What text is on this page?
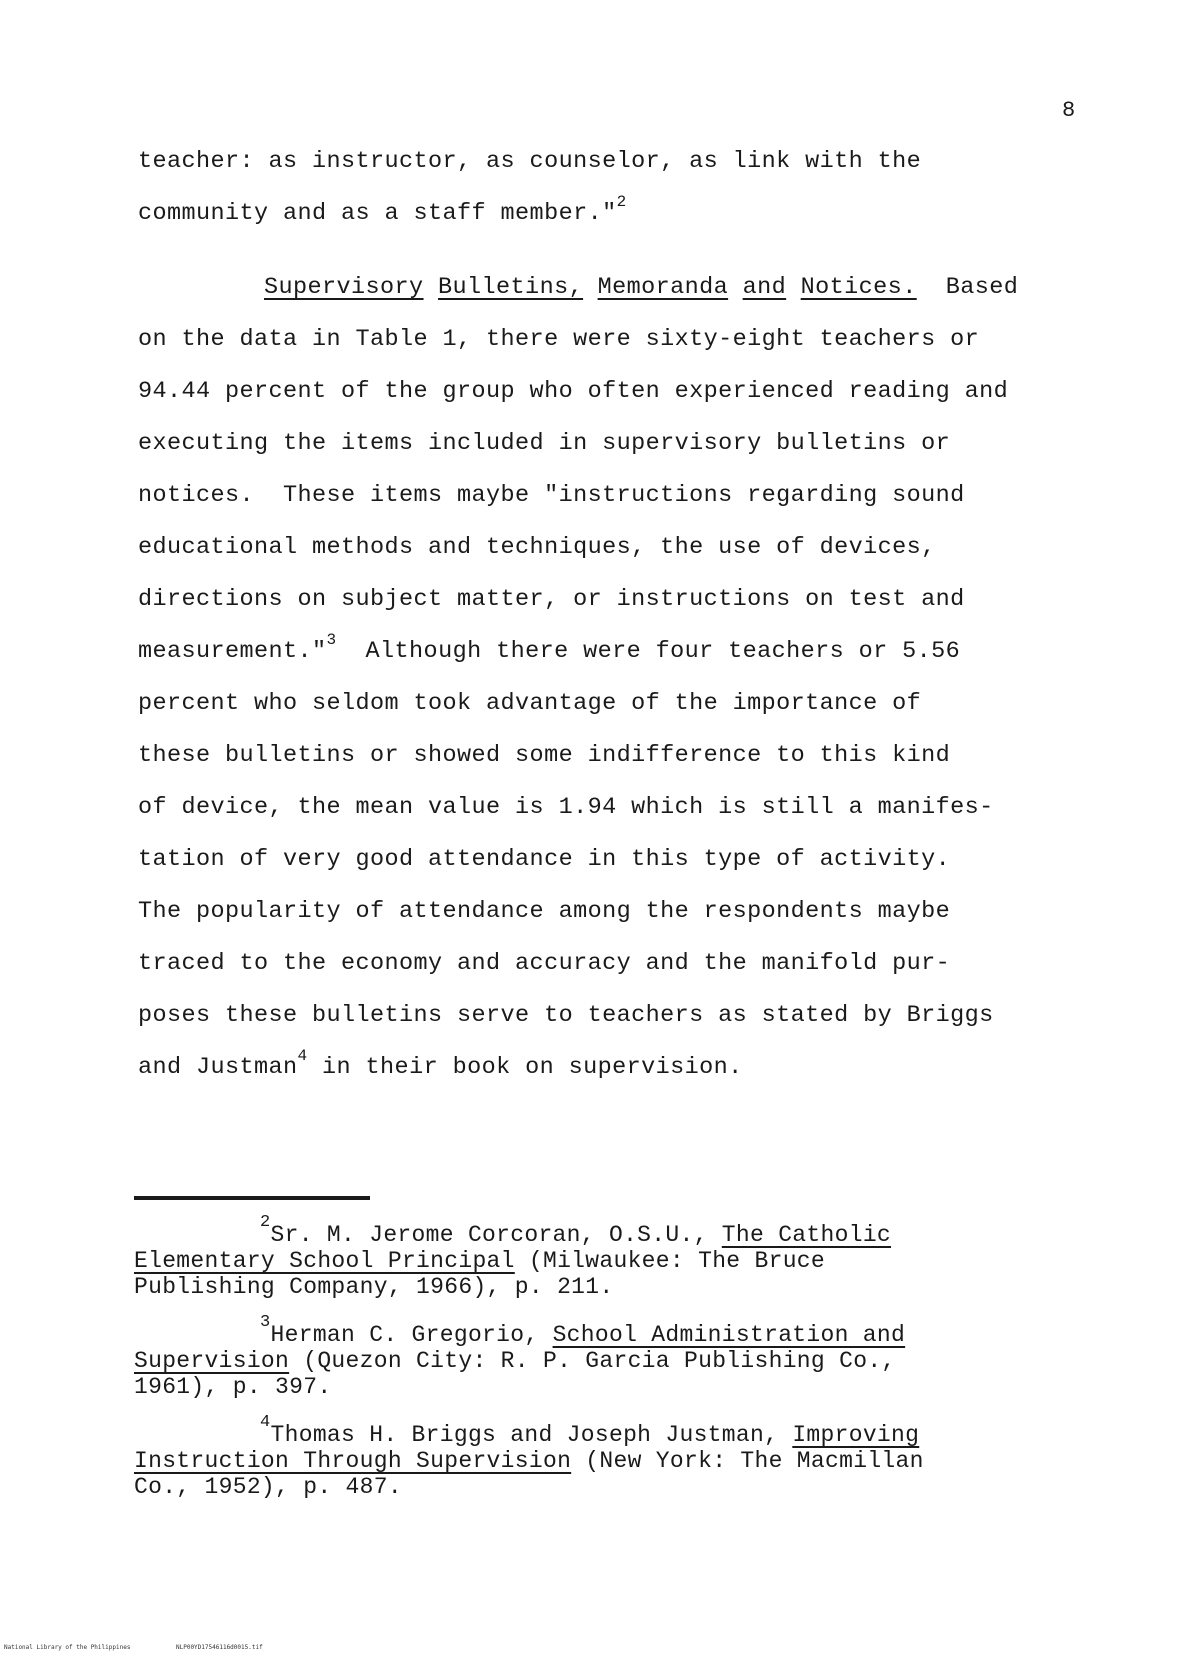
8
teacher: as instructor, as counselor, as link with the
community and as a staff member."$^2$
Supervisory Bulletins, Memoranda and Notices.  Based
on the data in Table 1, there were sixty-eight teachers or
94.44 percent of the group who often experienced reading and
executing the items included in supervisory bulletins or
notices.  These items maybe "instructions regarding sound
educational methods and techniques, the use of devices,
directions on subject matter, or instructions on test and
measurement."$^3$  Although there were four teachers or 5.56
percent who seldom took advantage of the importance of
these bulletins or showed some indifference to this kind
of device, the mean value is 1.94 which is still a manifes-
tation of very good attendance in this type of activity.
The popularity of attendance among the respondents maybe
traced to the economy and accuracy and the manifold pur-
poses these bulletins serve to teachers as stated by Briggs
and Justman$^4$ in their book on supervision.
$^2$Sr. M. Jerome Corcoran, O.S.U., The Catholic
Elementary School Principal (Milwaukee: The Bruce
Publishing Company, 1966), p. 211.
$^3$Herman C. Gregorio, School Administration and
Supervision (Quezon City: R. P. Garcia Publishing Co.,
1961), p. 397.
$^4$Thomas H. Briggs and Joseph Justman, Improving
Instruction Through Supervision (New York: The Macmillan
Co., 1952), p. 487.

National Library of the Philippines

	NLP00YD17546116d0015.tif
